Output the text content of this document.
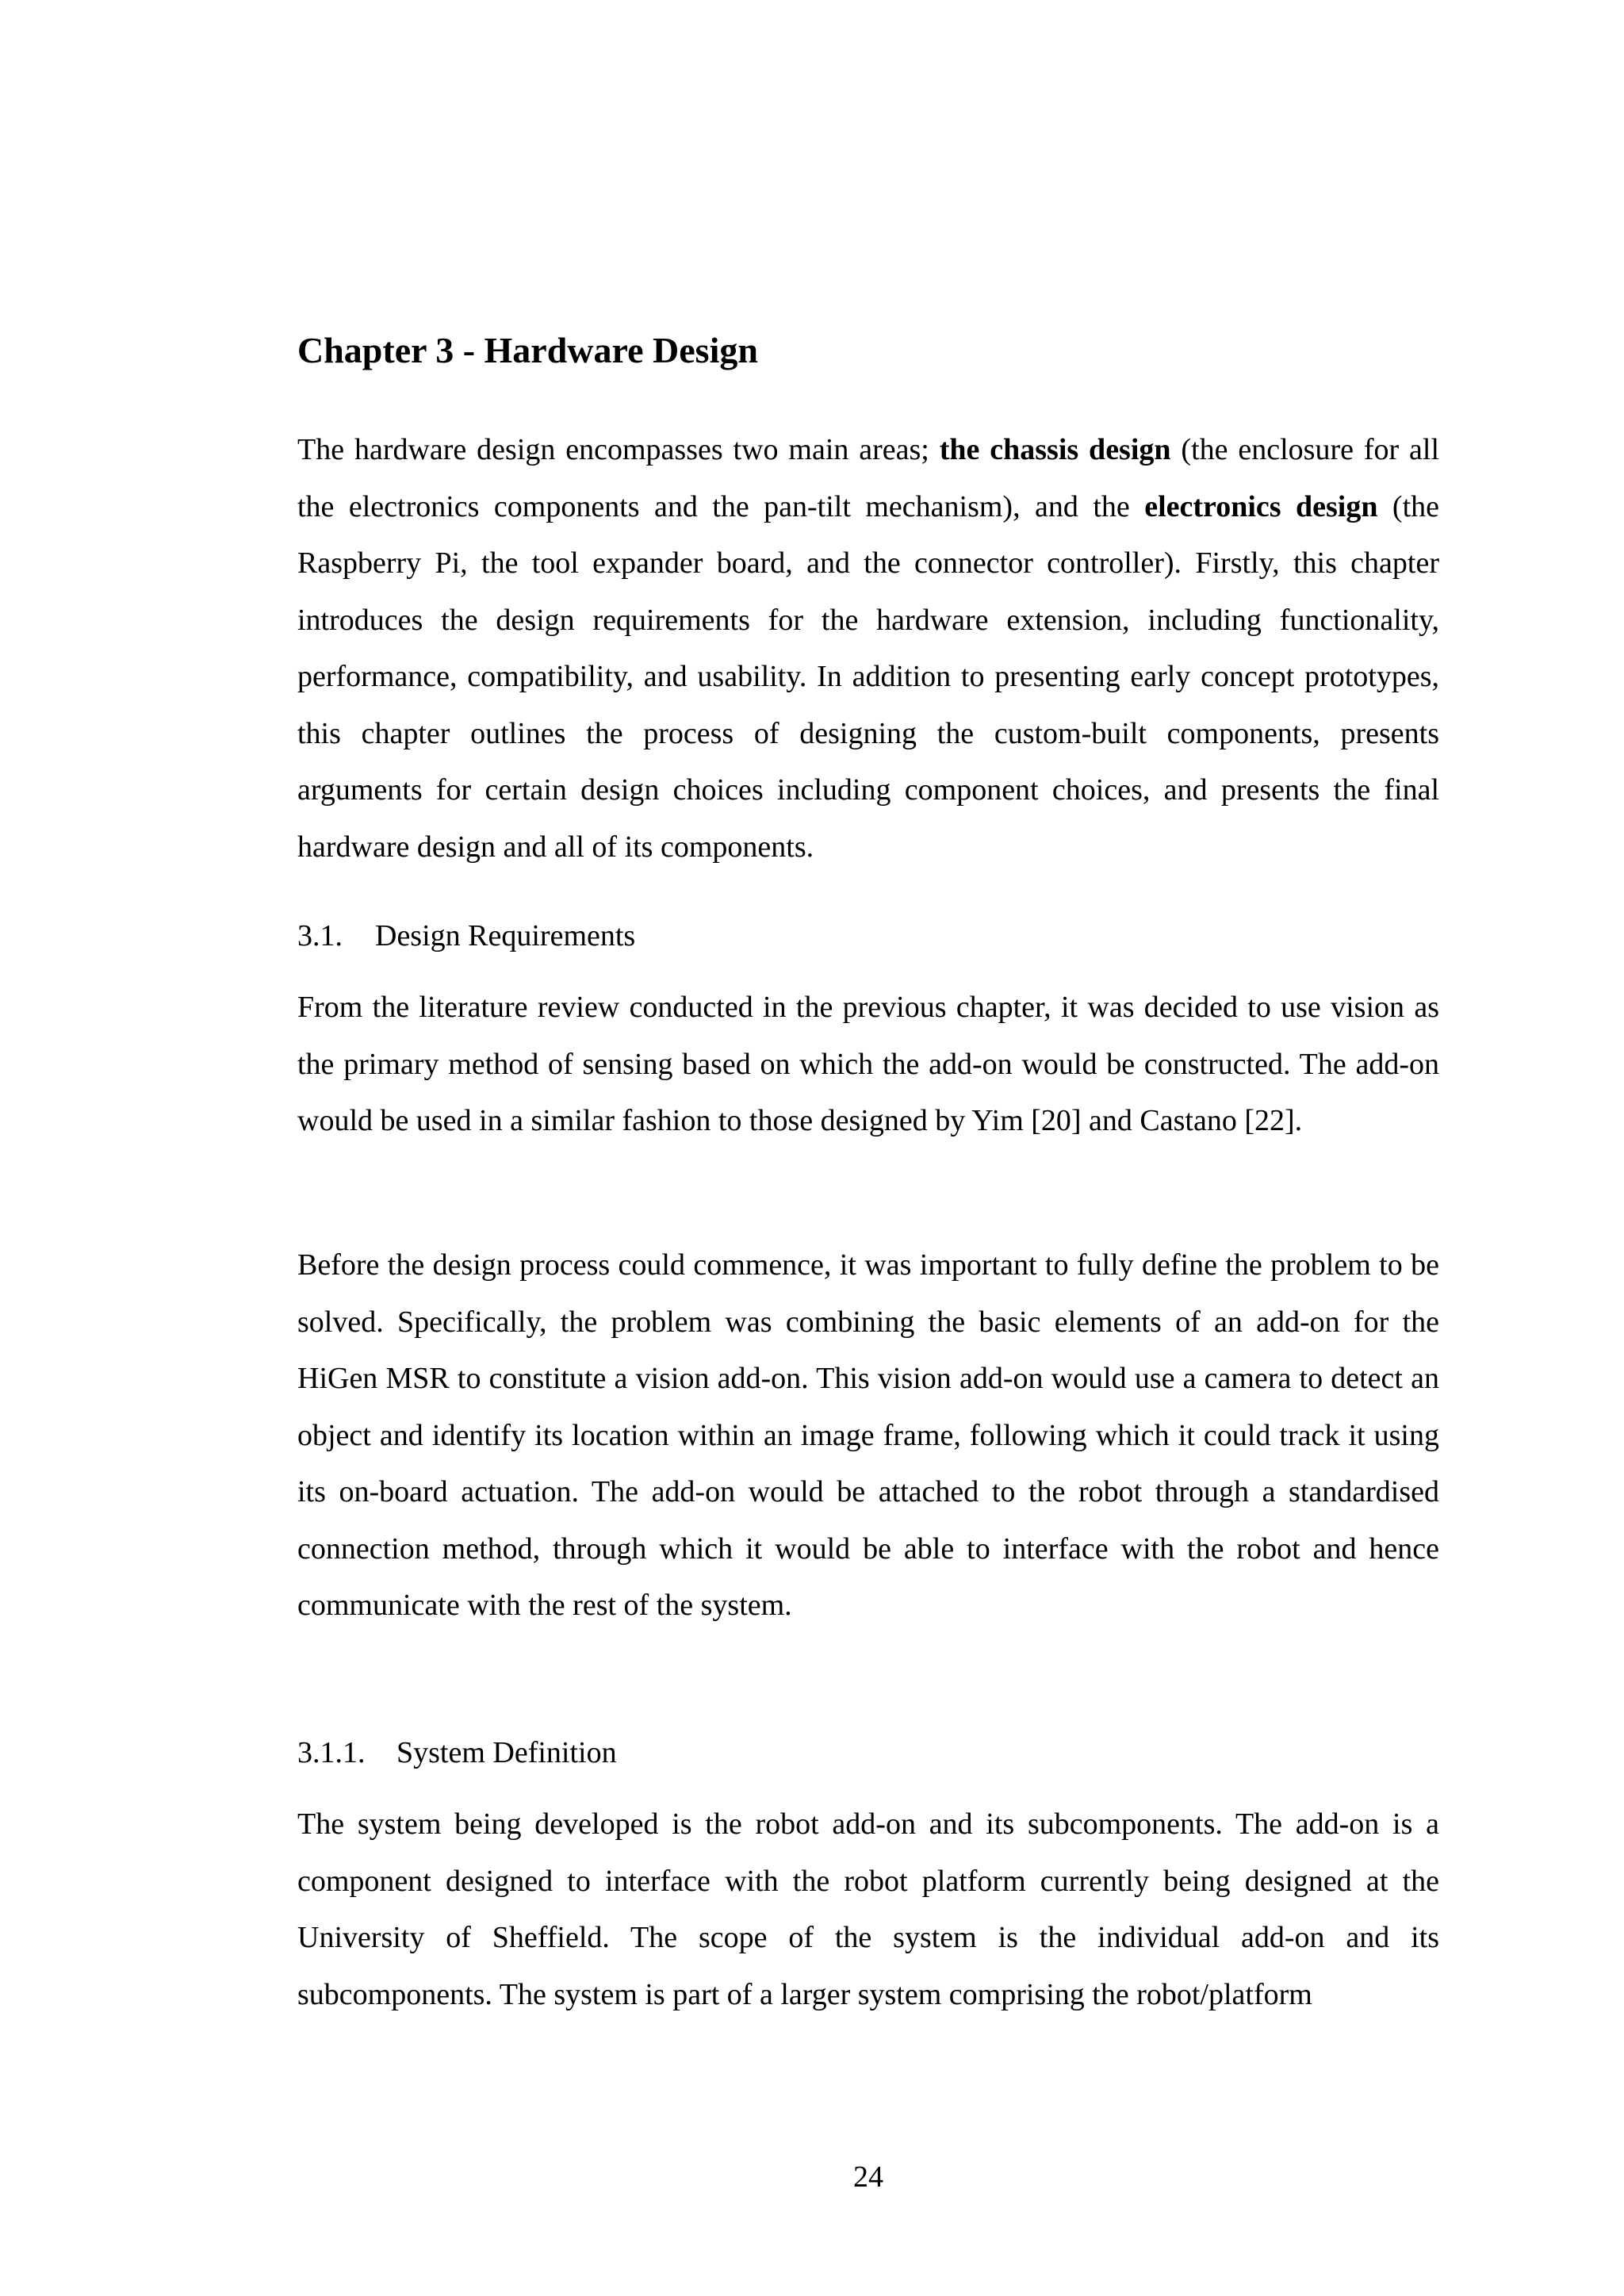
Chapter 3 - Hardware Design

The hardware design encompasses two main areas; the chassis design (the enclosure for all the electronics components and the pan-tilt mechanism), and the electronics design (the Raspberry Pi, the tool expander board, and the connector controller). Firstly, this chapter introduces the design requirements for the hardware extension, including functionality, performance, compatibility, and usability. In addition to presenting early concept prototypes, this chapter outlines the process of designing the custom-built components, presents arguments for certain design choices including component choices, and presents the final hardware design and all of its components.

3.1. Design Requirements

From the literature review conducted in the previous chapter, it was decided to use vision as the primary method of sensing based on which the add-on would be constructed. The add-on would be used in a similar fashion to those designed by Yim [20] and Castano [22].

Before the design process could commence, it was important to fully define the problem to be solved. Specifically, the problem was combining the basic elements of an add-on for the HiGen MSR to constitute a vision add-on. This vision add-on would use a camera to detect an object and identify its location within an image frame, following which it could track it using its on-board actuation. The add-on would be attached to the robot through a standardised connection method, through which it would be able to interface with the robot and hence communicate with the rest of the system.

3.1.1. System Definition

The system being developed is the robot add-on and its subcomponents. The add-on is a component designed to interface with the robot platform currently being designed at the University of Sheffield. The scope of the system is the individual add-on and its subcomponents. The system is part of a larger system comprising the robot/platform

24
